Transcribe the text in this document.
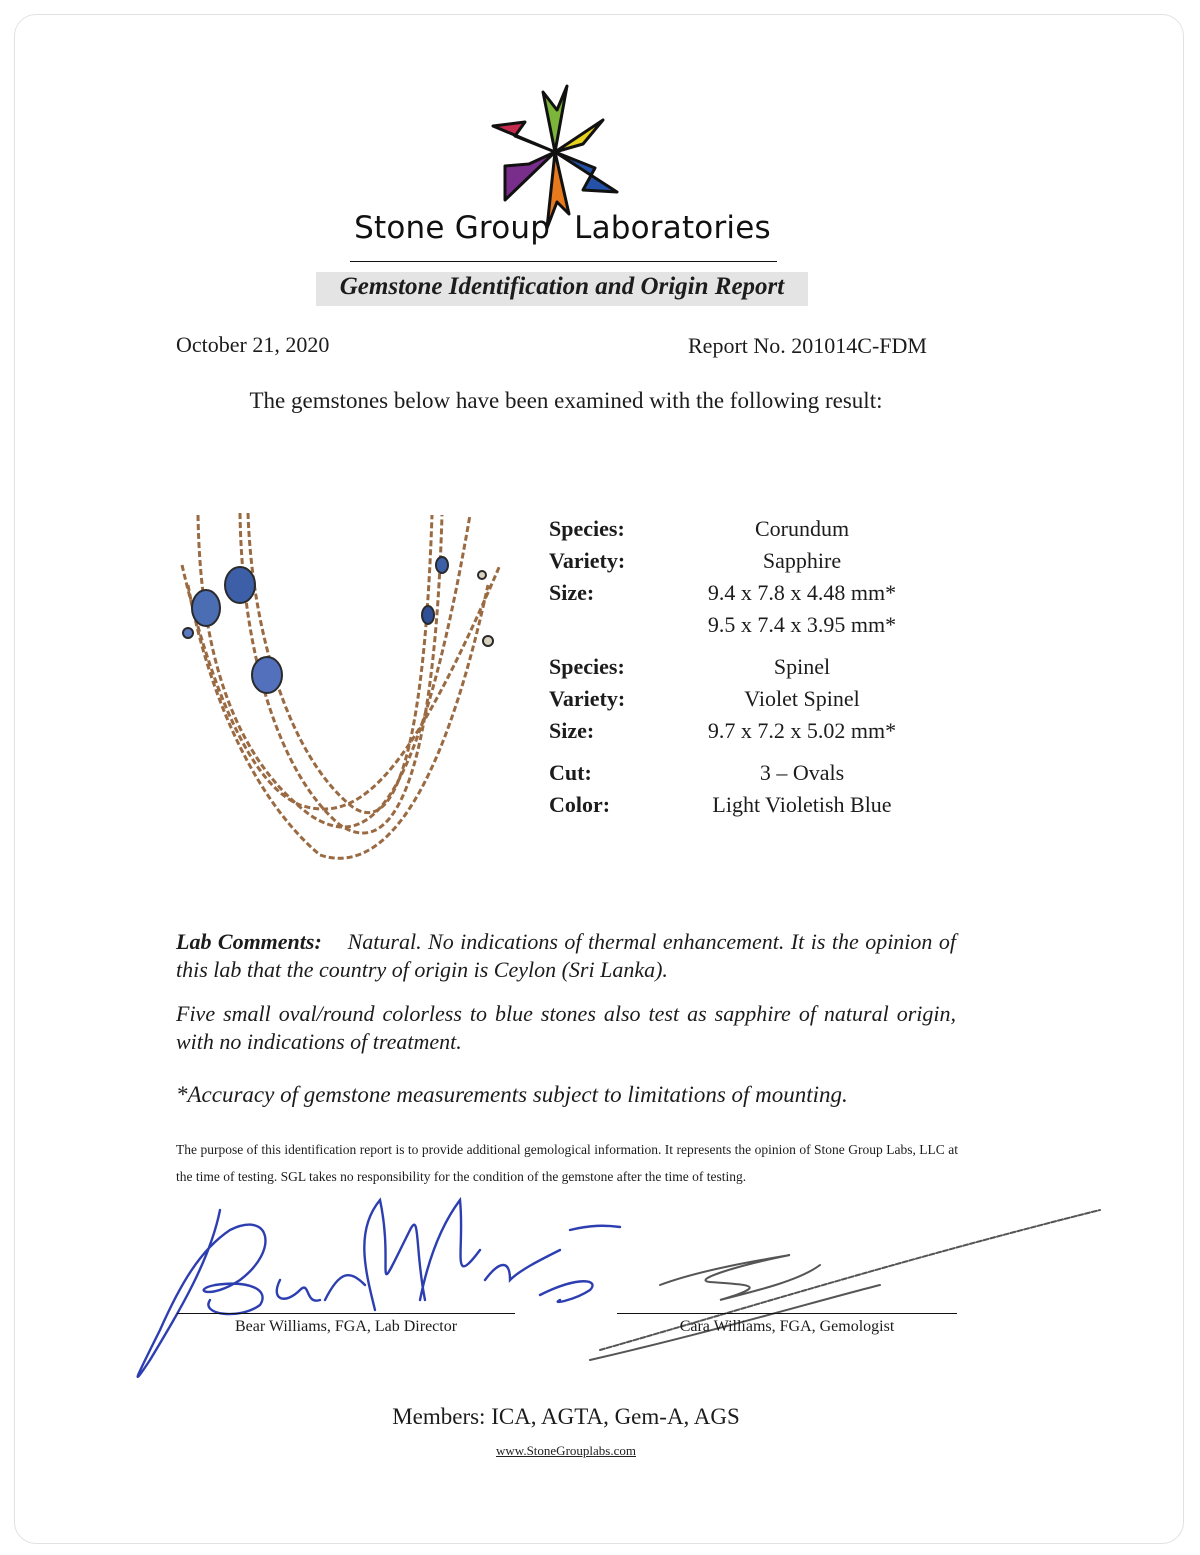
Stone Group Laboratories
Gemstone Identification and Origin Report
October 21, 2020	Report No. 201014C-FDM
The gemstones below have been examined with the following result:
Species:	Corundum
Variety:	Sapphire
Size:	9.4 x 7.8 x 4.48 mm*
9.5 x 7.4 x 3.95 mm*
Species:	Spinel
Variety:	Violet Spinel
Size:	9.7 x 7.2 x 5.02 mm*
Cut:	3 – Ovals
Color:	Light Violetish Blue
Lab Comments: Natural. No indications of thermal enhancement. It is the opinion of this lab that the country of origin is Ceylon (Sri Lanka).
Five small oval/round colorless to blue stones also test as sapphire of natural origin, with no indications of treatment.
*Accuracy of gemstone measurements subject to limitations of mounting.
The purpose of this identification report is to provide additional gemological information. It represents the opinion of Stone Group Labs, LLC at the time of testing. SGL takes no responsibility for the condition of the gemstone after the time of testing.
Bear Williams, FGA, Lab Director	Cara Williams, FGA, Gemologist
Members: ICA, AGTA, Gem-A, AGS
www.StoneGrouplabs.com
